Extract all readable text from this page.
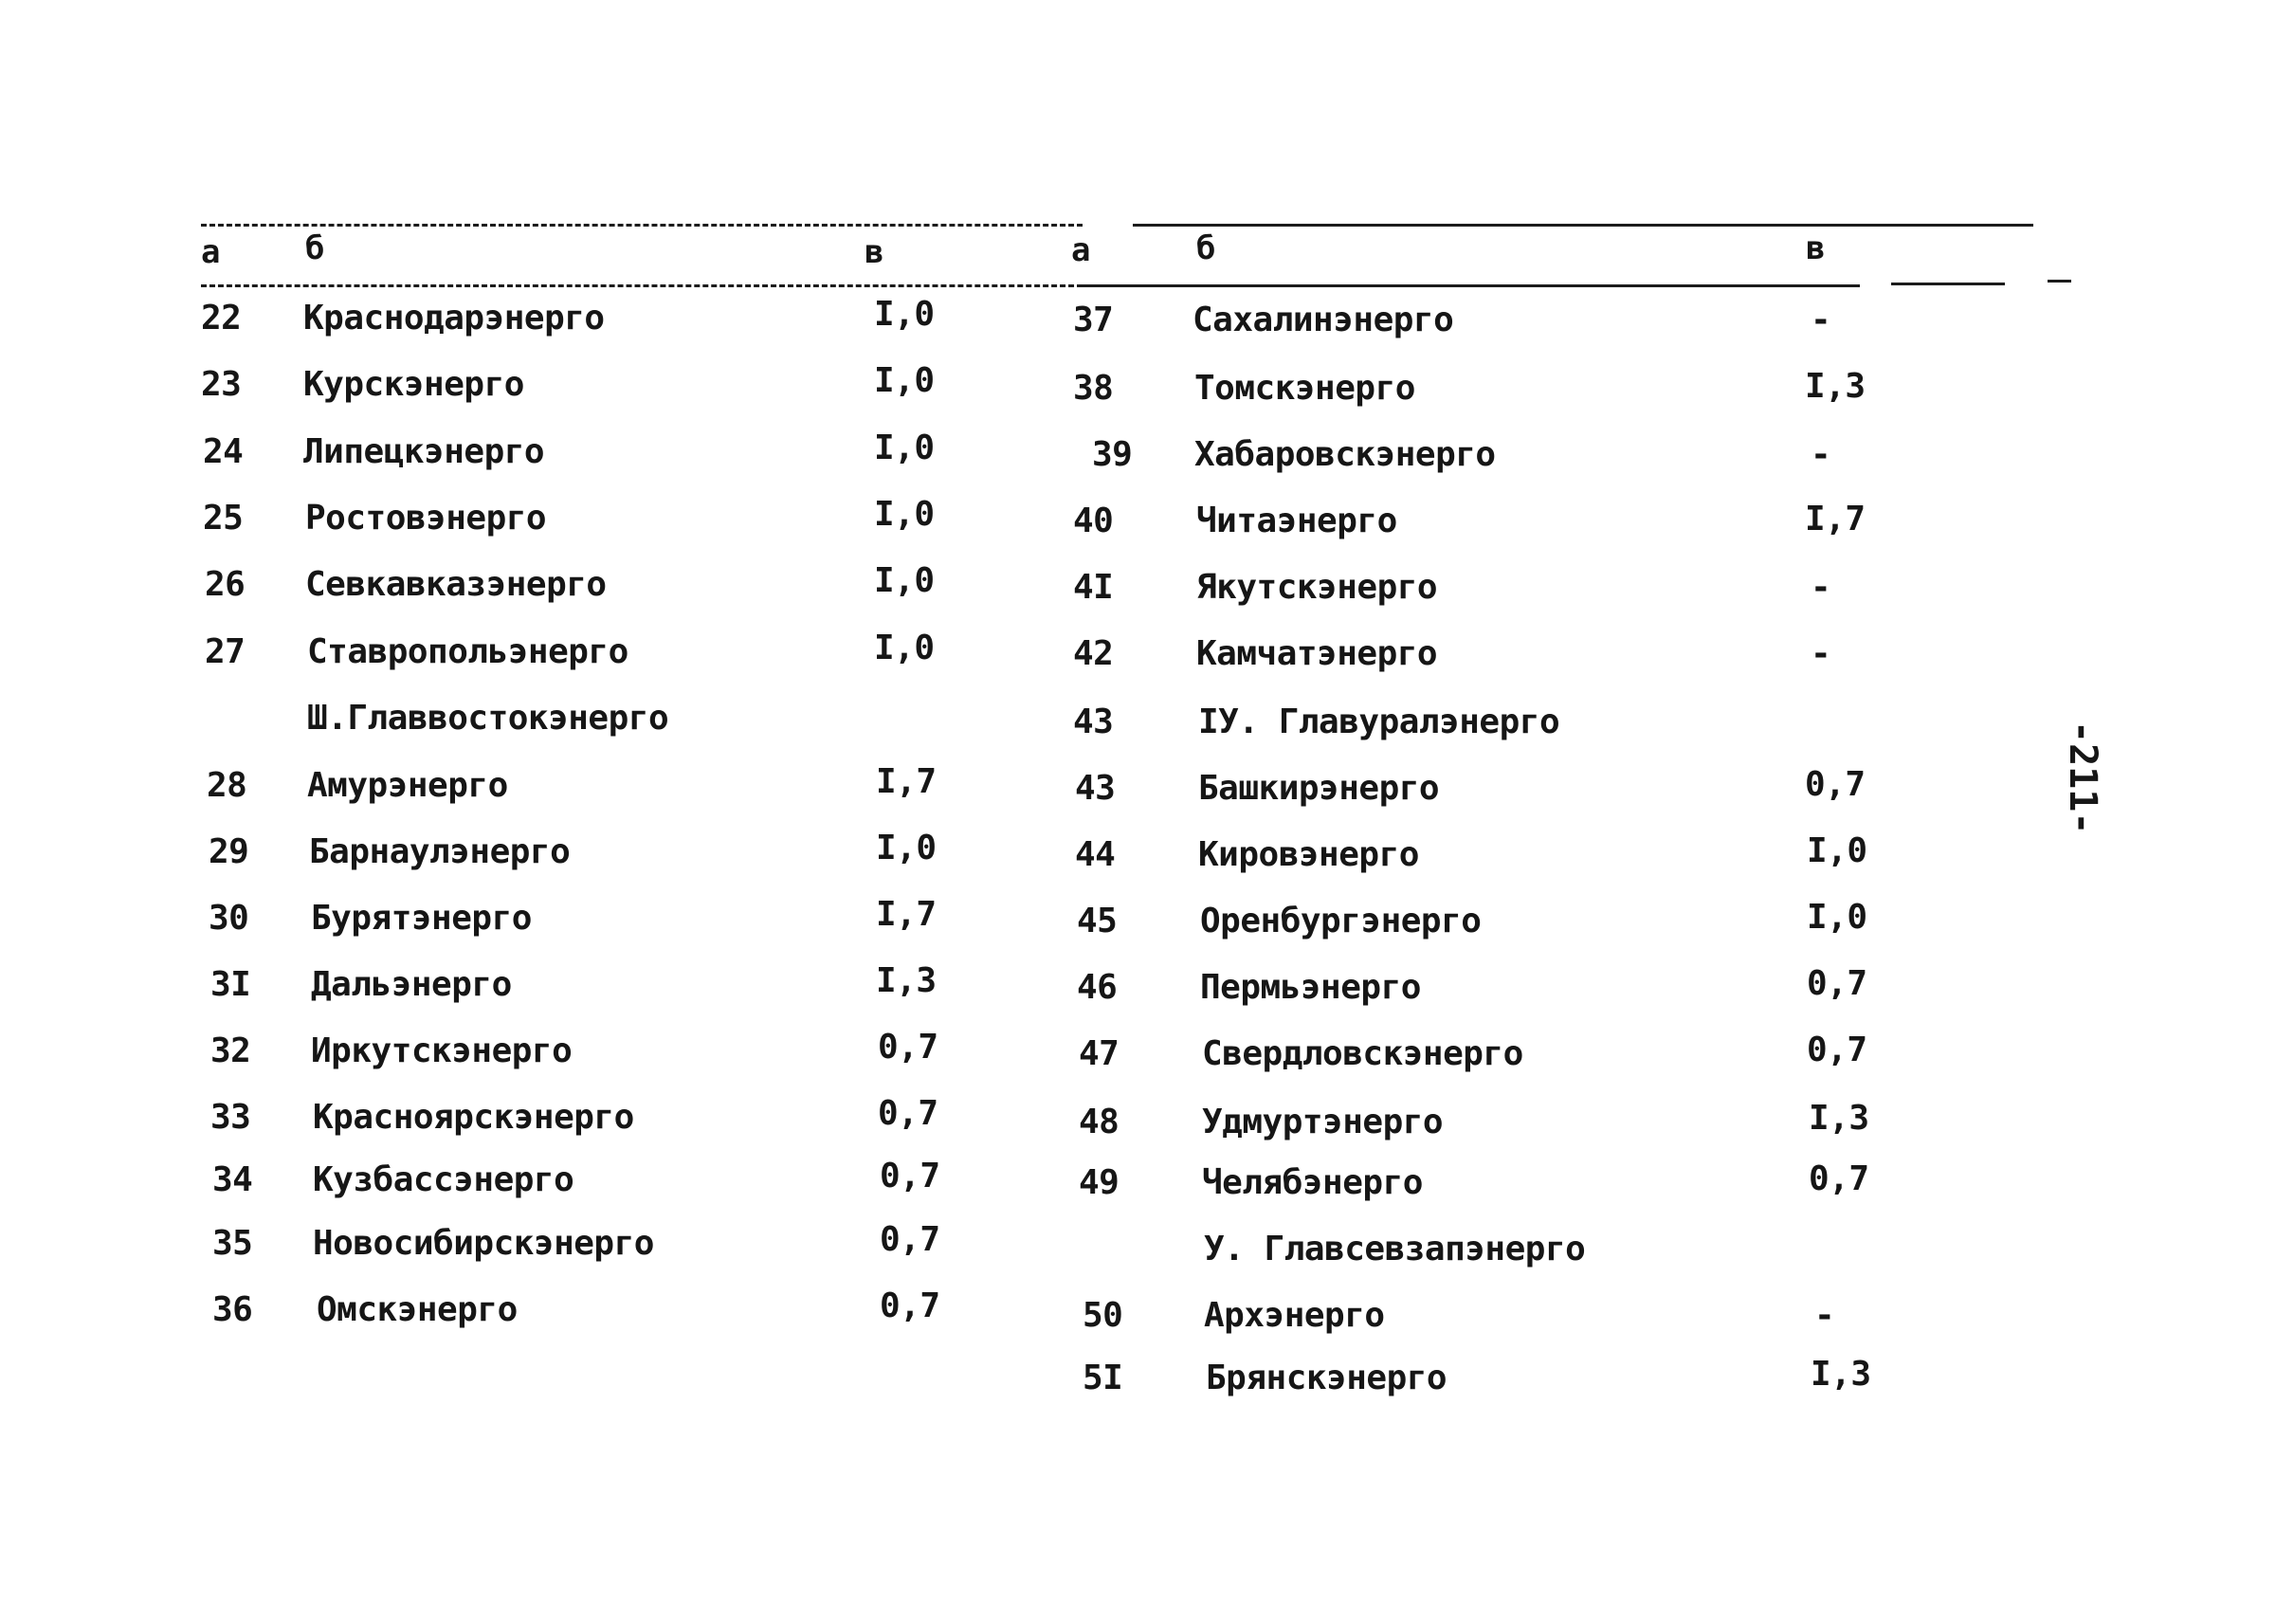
а	б	в	а	б	в
22 Краснодарэнерго	I,0
23 Курскэнерго	I,0
24 Липецкэнерго	I,0
25 Ростовэнерго	I,0
26 Севкавказэнерго	I,0
27 Ставропольэнерго	I,0
Ш.Главвостокэнерго
28 Амурэнерго	I,7
29 Барнаулэнерго	I,0
30 Бурятэнерго	I,7
3I Дальэнерго	I,3
32 Иркутскэнерго	0,7
33 Красноярскэнерго	0,7
34 Кузбассэнерго	0,7
35 Новосибирскэнерго	0,7
36 Омскэнерго	0,7
37 Сахалинэнерго	-
38 Томскэнерго	I,3
39 Хабаровскэнерго	-
40 Читаэнерго	I,7
4I Якутскэнерго	-
42 Камчатэнерго	-
43 IУ. Главуралэнерго
43 Башкирэнерго	0,7
44 Кировэнерго	I,0
45 Оренбургэнерго	I,0
46 Пермьэнерго	0,7
47 Свердловскэнерго	0,7
48 Удмуртэнерго	I,3
49 Челябэнерго	0,7
У. Главсевзапэнерго
50 Архэнерго	-
5I Брянскэнерго	I,3
-211-
